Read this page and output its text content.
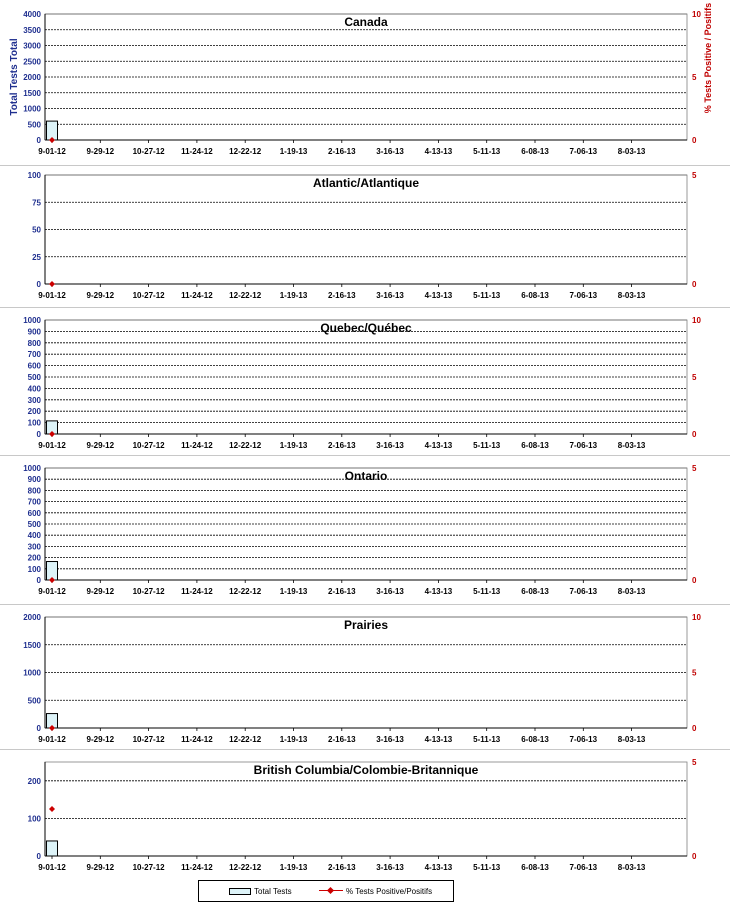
0
500
1000
1500
2000
2500
3000
3500
4000
0
5
10
9-01-12	9-29-12 10-27-12 11-24-12 12-22-12 1-19-13	2-16-13	3-16-13	4-13-13	5-11-13	6-08-13	7-06-13	8-03-13
Canada
Total Tests Total	% Tests Positive / Positifs
0
25
50
75
100
0
5
9-01-12	9-29-12 10-27-12 11-24-12 12-22-12 1-19-13	2-16-13	3-16-13	4-13-13	5-11-13	6-08-13	7-06-13	8-03-13
Atlantic/Atlantique
0
100
200
300
400
500
600
700
800
900
1000
0
5
10
9-01-12	9-29-12 10-27-12 11-24-12 12-22-12 1-19-13	2-16-13	3-16-13	4-13-13	5-11-13	6-08-13	7-06-13	8-03-13
Quebec/Québec
0
100
200
300
400
500
600
700
800
900
1000
0
5
9-01-12	9-29-12 10-27-12 11-24-12 12-22-12 1-19-13	2-16-13	3-16-13	4-13-13	5-11-13	6-08-13	7-06-13	8-03-13
Ontario
0
500
1000
1500
2000
0
5
10
9-01-12	9-29-12 10-27-12 11-24-12 12-22-12 1-19-13	2-16-13	3-16-13	4-13-13	5-11-13	6-08-13	7-06-13	8-03-13
Prairies
0
100
200
0
5
9-01-12	9-29-12 10-27-12 11-24-12 12-22-12 1-19-13	2-16-13	3-16-13	4-13-13	5-11-13	6-08-13	7-06-13	8-03-13
British Columbia/Colombie-Britannique
Total Tests	% Tests Positive/Positifs
